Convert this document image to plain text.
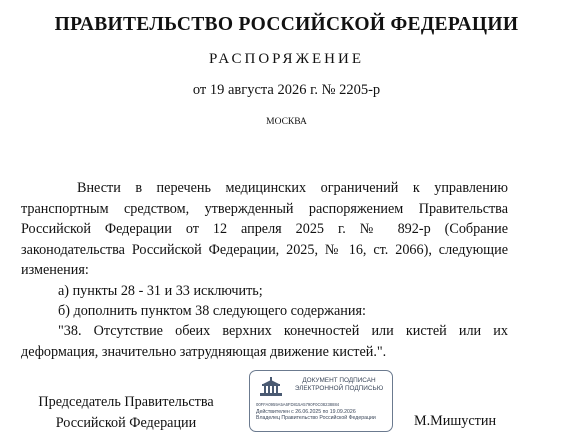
ПРАВИТЕЛЬСТВО РОССИЙСКОЙ ФЕДЕРАЦИИ
РАСПОРЯЖЕНИЕ
от 19 августа 2026 г. № 2205-р
МОСКВА
Внести в перечень медицинских ограничений к управлению транспортным средством, утвержденный распоряжением Правительства Российской Федерации от 12 апреля 2025 г. № 892-р (Собрание законодательства Российской Федерации, 2025, № 16, ст. 2066), следующие изменения:
а) пункты 28 - 31 и 33 исключить;
б) дополнить пунктом 38 следующего содержания:
"38. Отсутствие обеих верхних конечностей или кистей или их деформация, значительно затрудняющая движение кистей.".
Председатель Правительства Российской Федерации	М.Мишустин
ДОКУМЕНТ ПОДПИСАН ЭЛЕКТРОННОЙ ПОДПИСЬЮ
00FFA0959A5A6FD815A5790F0C08238884
Действителен с 26.06.2025 по 19.09.2026
Владелец Правительство Российской Федерации
